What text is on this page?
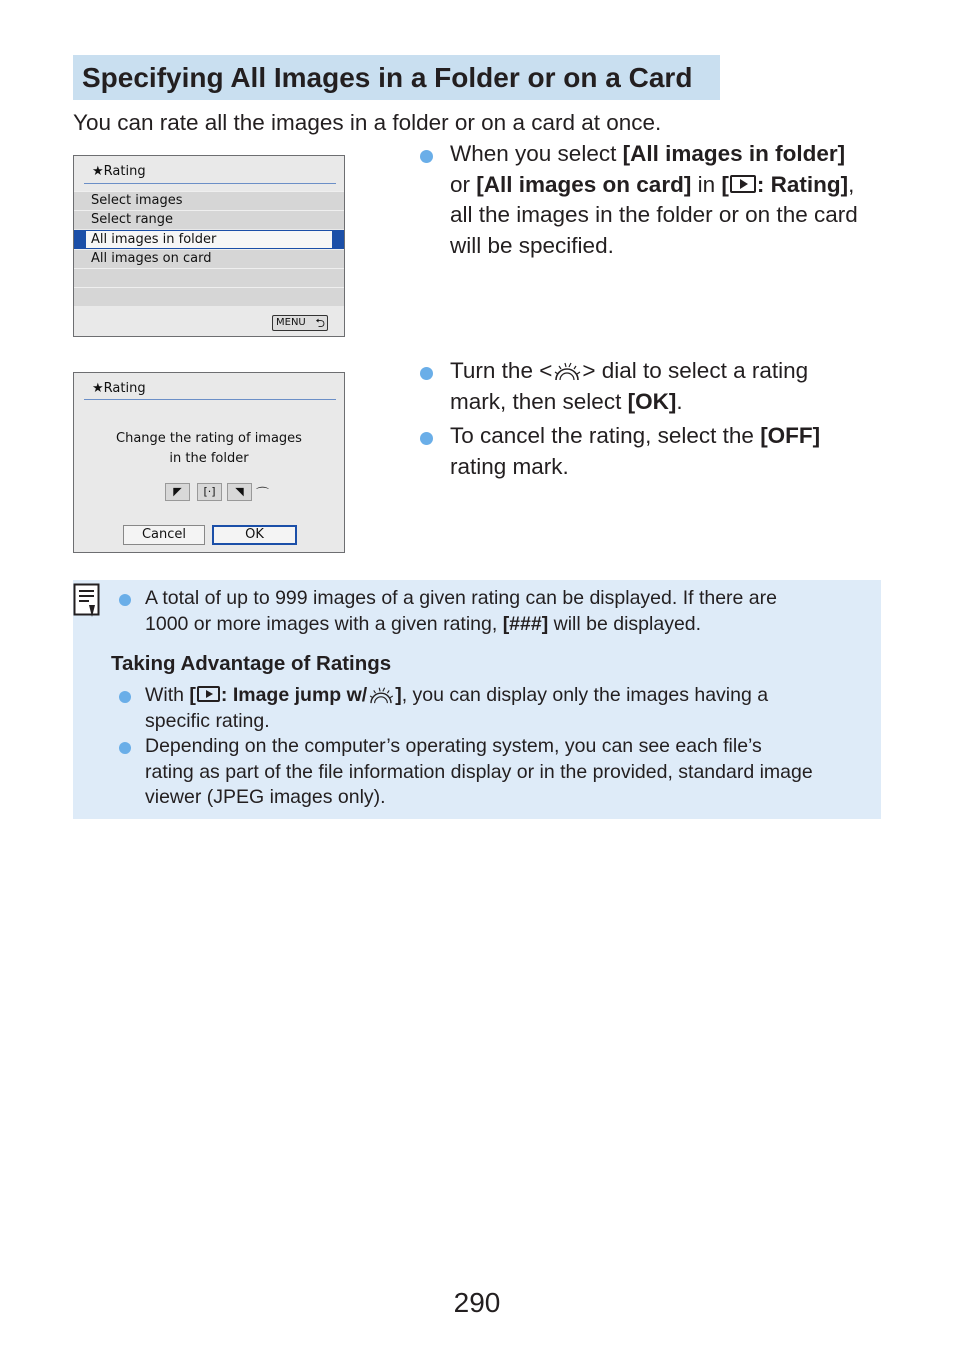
Specifying All Images in a Folder or on a Card
You can rate all the images in a folder or on a card at once.
★Rating
Select images
Select range
All images in folder
All images on card
MENU ⮌
★Rating
Change the rating of images
in the folder
◤	[·]	◥ ⌒
Cancel	OK
When you select [All images in folder]
or [All images on card] in [ : Rating],
all the images in the folder or on the card
will be specified.
Turn the < > dial to select a rating
mark, then select [OK].
To cancel the rating, select the [OFF]
rating mark.
A total of up to 999 images of a given rating can be displayed. If there are
1000 or more images with a given rating, [###] will be displayed.
Taking Advantage of Ratings
With [ : Image jump w/ ], you can display only the images having a
specific rating.
Depending on the computer’s operating system, you can see each file’s
rating as part of the file information display or in the provided, standard image
viewer (JPEG images only).
290
